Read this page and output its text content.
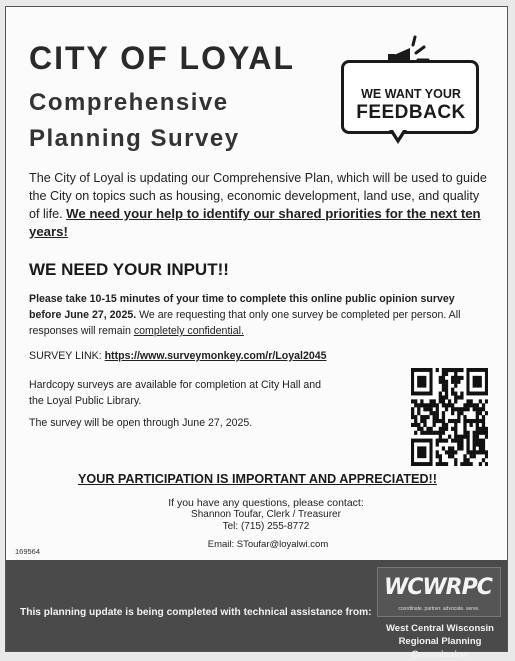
CITY OF LOYAL
Comprehensive
Planning Survey
WE WANT YOUR
FEEDBACK
The City of Loyal is updating our Comprehensive Plan, which will be used to guide the City on topics such as housing, economic development, land use, and quality of life. We need your help to identify our shared priorities for the next ten years!
WE NEED YOUR INPUT!!
Please take 10-15 minutes of your time to complete this online public opinion survey before June 27, 2025. We are requesting that only one survey be completed per person. All responses will remain completely confidential.
SURVEY LINK: https://www.surveymonkey.com/r/Loyal2045
Hardcopy surveys are available for completion at City Hall and the Loyal Public Library.
The survey will be open through June 27, 2025.
YOUR PARTICIPATION IS IMPORTANT AND APPRECIATED!!
If you have any questions, please contact:
Shannon Toufar, Clerk / Treasurer
Tel: (715) 255-8772
Email: SToufar@loyalwi.com
169564
This planning update is being completed with technical assistance from:
WCWRPC
coordinate. partner. advocate. serve.
West Central Wisconsin
Regional Planning
Commission
